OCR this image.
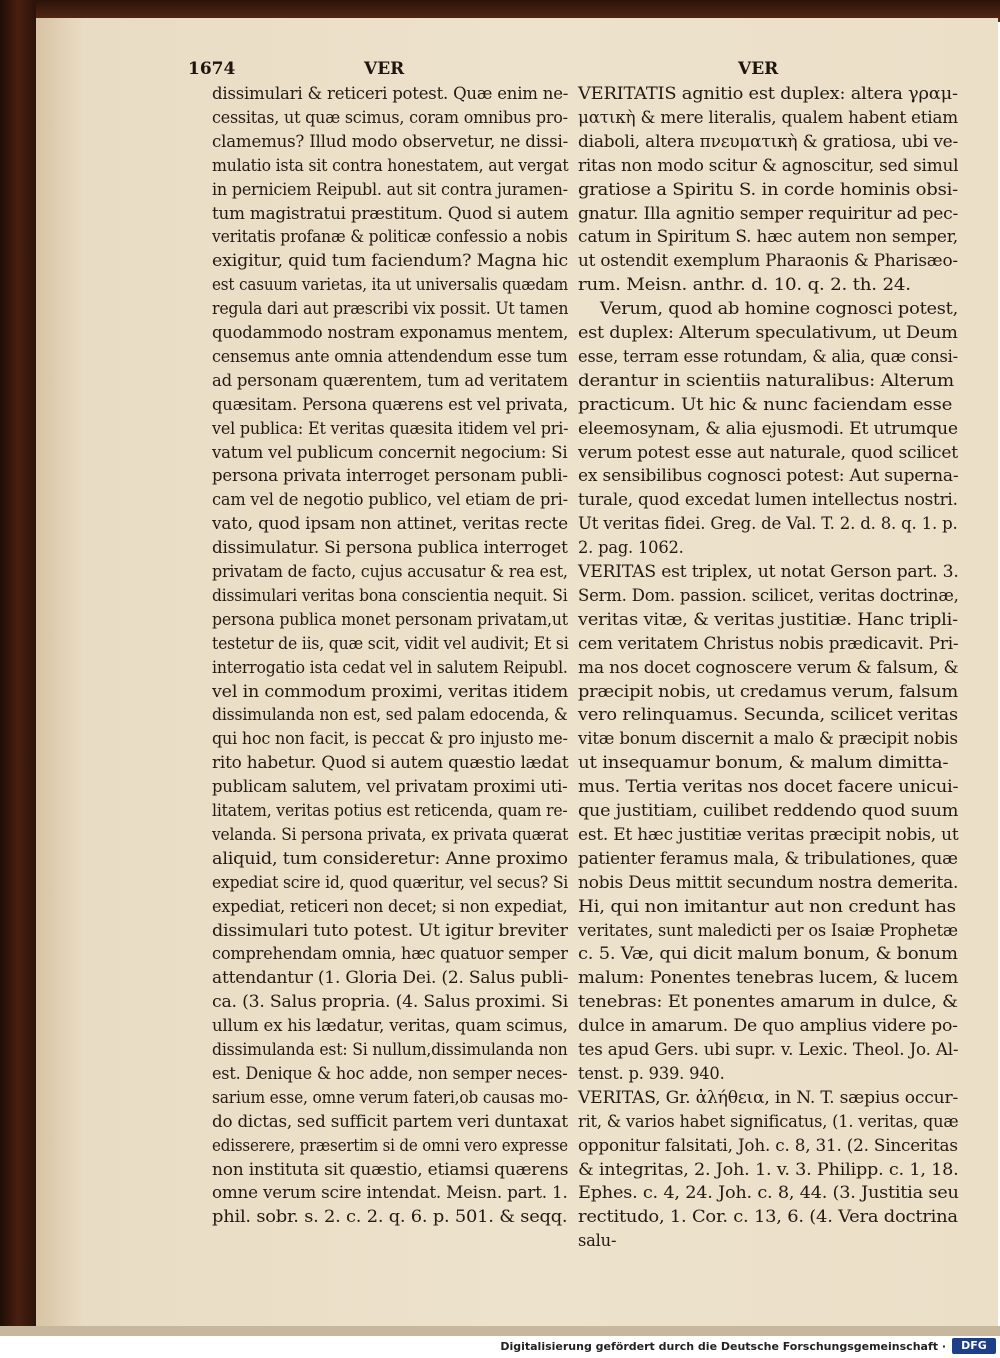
1674	VER	VER
dissimulari & reticeri potest. Quæ enim ne-
cessitas, ut quæ scimus, coram omnibus pro-
clamemus? Illud modo observetur, ne dissi-
mulatio ista sit contra honestatem, aut vergat
in perniciem Reipubl. aut sit contra juramen-
tum magistratui præstitum. Quod si autem
veritatis profanæ & politicæ confessio a nobis
exigitur, quid tum faciendum? Magna hic
est casuum varietas, ita ut universalis quædam
regula dari aut præscribi vix possit. Ut tamen
quodammodo nostram exponamus mentem,
censemus ante omnia attendendum esse tum
ad personam quærentem, tum ad veritatem
quæsitam. Persona quærens est vel privata,
vel publica: Et veritas quæsita itidem vel pri-
vatum vel publicum concernit negocium: Si
persona privata interroget personam publi-
cam vel de negotio publico, vel etiam de pri-
vato, quod ipsam non attinet, veritas recte
dissimulatur. Si persona publica interroget
privatam de facto, cujus accusatur & rea est,
dissimulari veritas bona conscientia nequit. Si
persona publica monet personam privatam,ut
testetur de iis, quæ scit, vidit vel audivit; Et si
interrogatio ista cedat vel in salutem Reipubl.
vel in commodum proximi, veritas itidem
dissimulanda non est, sed palam edocenda, &
qui hoc non facit, is peccat & pro injusto me-
rito habetur. Quod si autem quæstio lædat
publicam salutem, vel privatam proximi uti-
litatem, veritas potius est reticenda, quam re-
velanda. Si persona privata, ex privata quærat
aliquid, tum consideretur: Anne proximo
expediat scire id, quod quæritur, vel secus? Si
expediat, reticeri non decet; si non expediat,
dissimulari tuto potest. Ut igitur breviter
comprehendam omnia, hæc quatuor semper
attendantur (1. Gloria Dei. (2. Salus publi-
ca. (3. Salus propria. (4. Salus proximi. Si
ullum ex his lædatur, veritas, quam scimus,
dissimulanda est: Si nullum,dissimulanda non
est. Denique & hoc adde, non semper neces-
sarium esse, omne verum fateri,ob causas mo-
do dictas, sed sufficit partem veri duntaxat
edisserere, præsertim si de omni vero expresse
non instituta sit quæstio, etiamsi quærens
omne verum scire intendat. Meisn. part. 1.
phil. sobr. s. 2. c. 2. q. 6. p. 501. & seqq.
VERITATIS agnitio est duplex: altera γραμ-
ματικὴ & mere literalis, qualem habent etiam
diaboli, altera πνευματικὴ & gratiosa, ubi ve-
ritas non modo scitur & agnoscitur, sed simul
gratiose a Spiritu S. in corde hominis obsi-
gnatur. Illa agnitio semper requiritur ad pec-
catum in Spiritum S. hæc autem non semper,
ut ostendit exemplum Pharaonis & Pharisæo-
rum. Meisn. anthr. d. 10. q. 2. th. 24.
Verum, quod ab homine cognosci potest,
est duplex: Alterum speculativum, ut Deum
esse, terram esse rotundam, & alia, quæ consi-
derantur in scientiis naturalibus: Alterum
practicum. Ut hic & nunc faciendam esse
eleemosynam, & alia ejusmodi. Et utrumque
verum potest esse aut naturale, quod scilicet
ex sensibilibus cognosci potest: Aut superna-
turale, quod excedat lumen intellectus nostri.
Ut veritas fidei. Greg. de Val. T. 2. d. 8. q. 1. p.
2. pag. 1062.
VERITAS est triplex, ut notat Gerson part. 3.
Serm. Dom. passion. scilicet, veritas doctrinæ,
veritas vitæ, & veritas justitiæ. Hanc tripli-
cem veritatem Christus nobis prædicavit. Pri-
ma nos docet cognoscere verum & falsum, &
præcipit nobis, ut credamus verum, falsum
vero relinquamus. Secunda, scilicet veritas
vitæ bonum discernit a malo & præcipit nobis
ut insequamur bonum, & malum dimitta-
mus. Tertia veritas nos docet facere unicui-
que justitiam, cuilibet reddendo quod suum
est. Et hæc justitiæ veritas præcipit nobis, ut
patienter feramus mala, & tribulationes, quæ
nobis Deus mittit secundum nostra demerita.
Hi, qui non imitantur aut non credunt has
veritates, sunt maledicti per os Isaiæ Prophetæ
c. 5. Væ, qui dicit malum bonum, & bonum
malum: Ponentes tenebras lucem, & lucem
tenebras: Et ponentes amarum in dulce, &
dulce in amarum. De quo amplius videre po-
tes apud Gers. ubi supr. v. Lexic. Theol. Jo. Al-
tenst. p. 939. 940.
VERITAS, Gr. ἀλήθεια, in N. T. sæpius occur-
rit, & varios habet significatus, (1. veritas, quæ
opponitur falsitati, Joh. c. 8, 31. (2. Sinceritas
& integritas, 2. Joh. 1. v. 3. Philipp. c. 1, 18.
Ephes. c. 4, 24. Joh. c. 8, 44. (3. Justitia seu
rectitudo, 1. Cor. c. 13, 6. (4. Vera doctrina
salu-
Digitalisierung gefördert durch die Deutsche Forschungsgemeinschaft ·	DFG
